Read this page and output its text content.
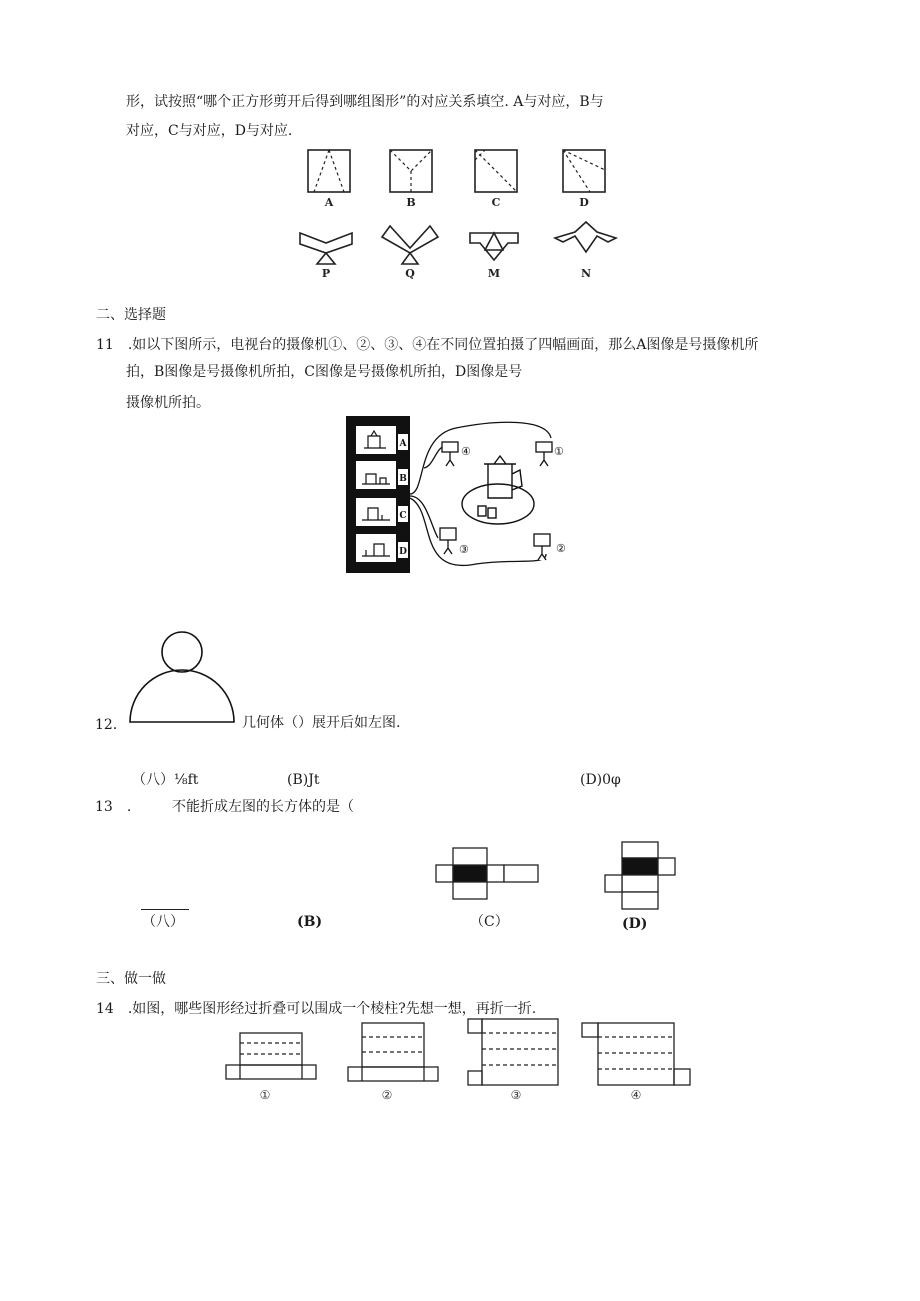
形，试按照“哪个正方形剪开后得到哪组图形”的对应关系填空. A与对应，B与
对应，C与对应，D与对应.
A	B	C	D
P	Q	M	N
二、选择题
11　.如以下图所示，电视台的摄像机①、②、③、④在不同位置拍摄了四幅画面，那么A图像是号摄像机所
拍，B图像是号摄像机所拍，C图像是号摄像机所拍，D图像是号
摄像机所拍。
A
B
C
D
①
②
③
④
12．	几何体（）展开后如左图.
（八）⅛ft	(B)Jt	(D)0φ
13　.	不能折成左图的长方体的是（
（八）	(B)	（C）	(D)
三、做一做
14　.如图，哪些图形经过折叠可以围成一个棱柱?先想一想，再折一折.
①	②	③	④
